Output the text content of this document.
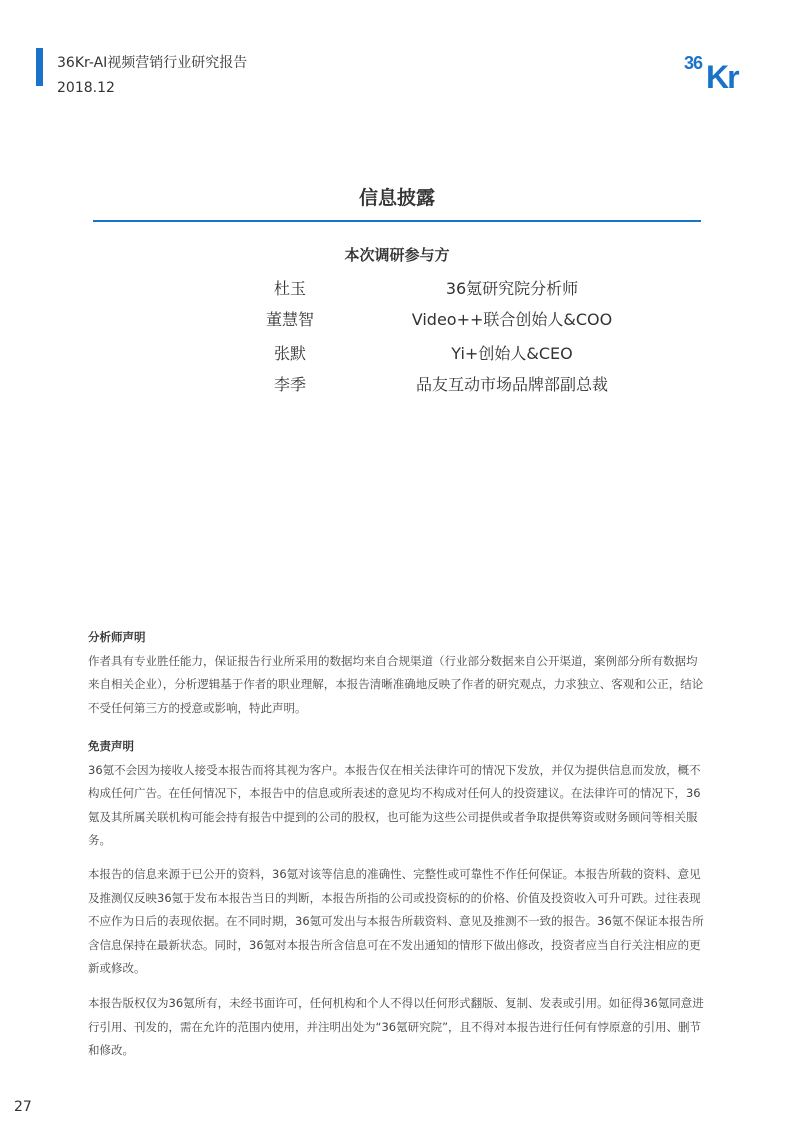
36Kr-AI视频营销行业研究报告
2018.12
36 Kr
信息披露
本次调研参与方
杜玉	36氪研究院分析师
董慧智	Video++联合创始人&COO
张默	Yi+创始人&CEO
李季	品友互动市场品牌部副总裁
分析师声明

作者具有专业胜任能力，保证报告行业所采用的数据均来自合规渠道（行业部分数据来自公开渠道，案例部分所有数据均来自相关企业），分析逻辑基于作者的职业理解，本报告清晰准确地反映了作者的研究观点，力求独立、客观和公正，结论不受任何第三方的授意或影响，特此声明。

免责声明

36氪不会因为接收人接受本报告而将其视为客户。本报告仅在相关法律许可的情况下发放，并仅为提供信息而发放，概不构成任何广告。在任何情况下，本报告中的信息或所表述的意见均不构成对任何人的投资建议。在法律许可的情况下，36氪及其所属关联机构可能会持有报告中提到的公司的股权，也可能为这些公司提供或者争取提供筹资或财务顾问等相关服务。

本报告的信息来源于已公开的资料，36氪对该等信息的准确性、完整性或可靠性不作任何保证。本报告所载的资料、意见及推测仅反映36氪于发布本报告当日的判断，本报告所指的公司或投资标的的价格、价值及投资收入可升可跌。过往表现不应作为日后的表现依据。在不同时期，36氪可发出与本报告所载资料、意见及推测不一致的报告。36氪不保证本报告所含信息保持在最新状态。同时，36氪对本报告所含信息可在不发出通知的情形下做出修改，投资者应当自行关注相应的更新或修改。

本报告版权仅为36氪所有，未经书面许可，任何机构和个人不得以任何形式翻版、复制、发表或引用。如征得36氪同意进行引用、刊发的，需在允许的范围内使用，并注明出处为“36氪研究院”，且不得对本报告进行任何有悖原意的引用、删节和修改。

27
